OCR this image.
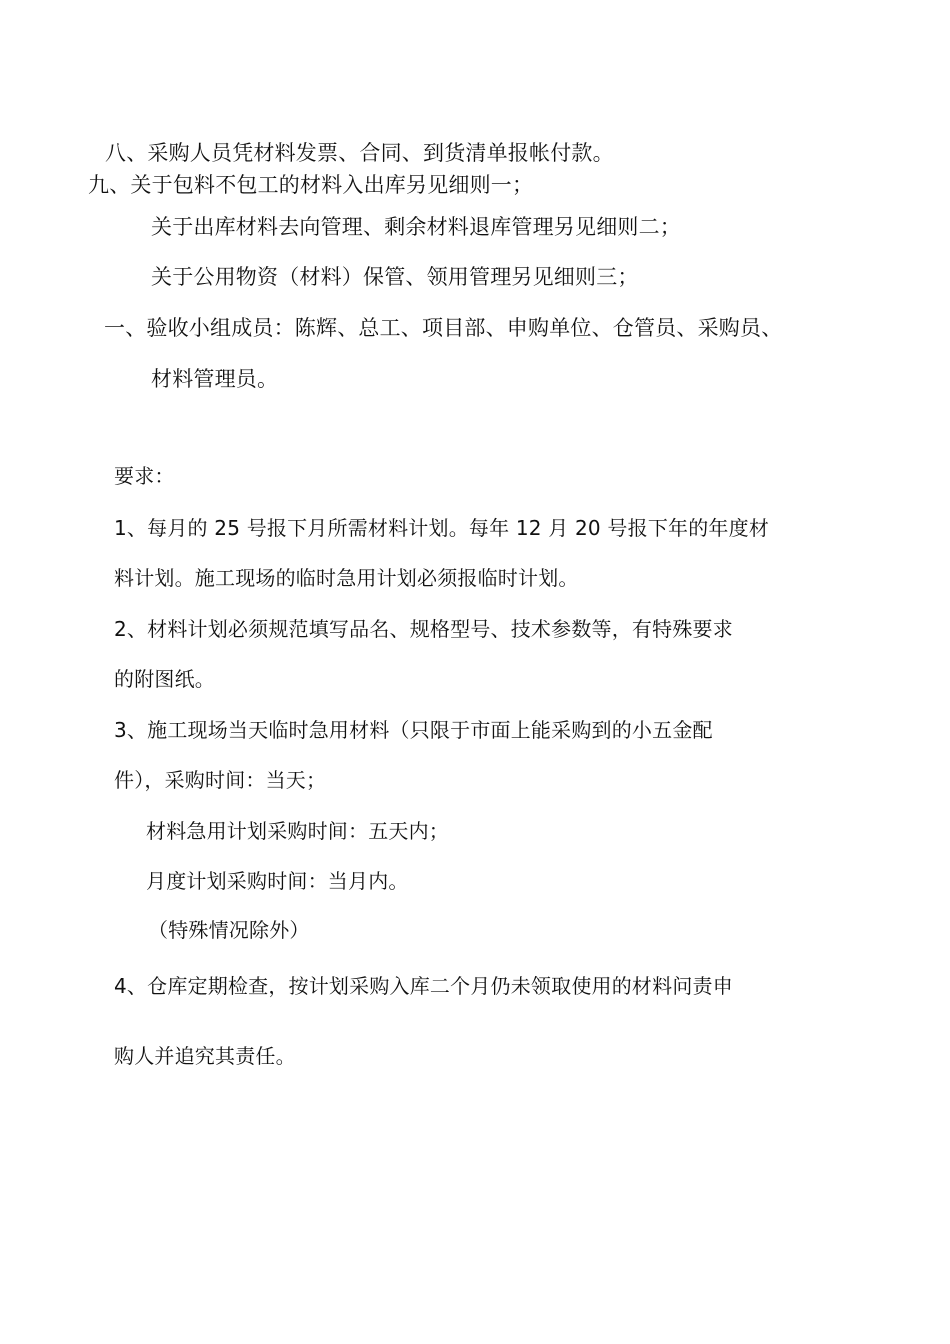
八、采购人员凭材料发票、合同、到货清单报帐付款。
九、关于包料不包工的材料入出库另见细则一；
关于出库材料去向管理、剩余材料退库管理另见细则二；
关于公用物资（材料）保管、领用管理另见细则三；
一、验收小组成员：陈辉、总工、项目部、申购单位、仓管员、采购员、
材料管理员。
要求：
1、每月的 25 号报下月所需材料计划。每年 12 月 20 号报下年的年度材
料计划。施工现场的临时急用计划必须报临时计划。
2、材料计划必须规范填写品名、规格型号、技术参数等，有特殊要求
的附图纸。
3、施工现场当天临时急用材料（只限于市面上能采购到的小五金配
件），采购时间：当天；
材料急用计划采购时间：五天内；
月度计划采购时间：当月内。
（特殊情况除外）
4、仓库定期检查，按计划采购入库二个月仍未领取使用的材料问责申
购人并追究其责任。
